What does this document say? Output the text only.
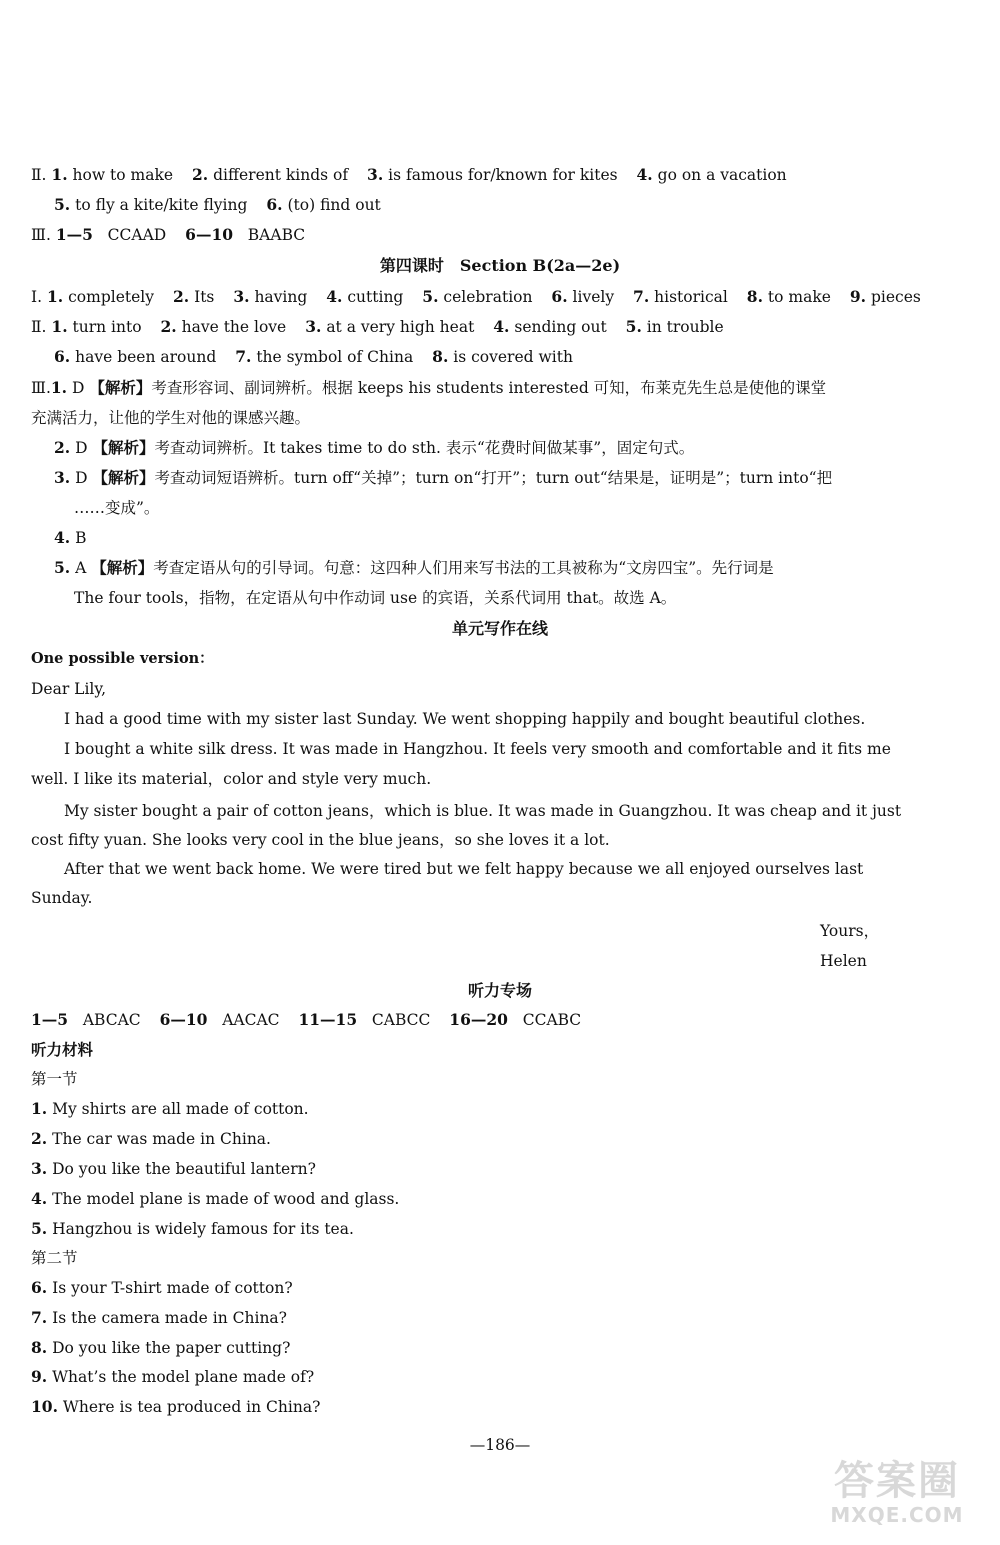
Ⅱ. 1. how to make 2. different kinds of 3. is famous for/known for kites 4. go on a vacation
5. to fly a kite/kite flying 6. (to) find out
Ⅲ. 1—5 CCAAD 6—10 BAABC
第四课时　Section B(2a—2e)
Ⅰ. 1. completely 2. Its 3. having 4. cutting 5. celebration 6. lively 7. historical 8. to make 9. pieces
Ⅱ. 1. turn into 2. have the love 3. at a very high heat 4. sending out 5. in trouble
6. have been around 7. the symbol of China 8. is covered with
Ⅲ.1. D 【解析】考查形容词、副词辨析。根据 keeps his students interested 可知，布莱克先生总是使他的课堂
充满活力，让他的学生对他的课感兴趣。
2. D 【解析】考查动词辨析。It takes time to do sth. 表示“花费时间做某事”，固定句式。
3. D 【解析】考查动词短语辨析。turn off“关掉”；turn on“打开”；turn out“结果是，证明是”；turn into“把
……变成”。
4. B
5. A 【解析】考查定语从句的引导词。句意：这四种人们用来写书法的工具被称为“文房四宝”。先行词是
The four tools，指物，在定语从句中作动词 use 的宾语，关系代词用 that。故选 A。
单元写作在线
One possible version：
Dear Lily,
I had a good time with my sister last Sunday. We went shopping happily and bought beautiful clothes.
I bought a white silk dress. It was made in Hangzhou. It feels very smooth and comfortable and it fits me
well. I like its material，color and style very much.
My sister bought a pair of cotton jeans，which is blue. It was made in Guangzhou. It was cheap and it just
cost fifty yuan. She looks very cool in the blue jeans，so she loves it a lot.
After that we went back home. We were tired but we felt happy because we all enjoyed ourselves last
Sunday.
Yours，
Helen
听力专场
1—5 ABCAC 6—10 AACAC 11—15 CABCC 16—20 CCABC
听力材料
第一节
1. My shirts are all made of cotton.
2. The car was made in China.
3. Do you like the beautiful lantern?
4. The model plane is made of wood and glass.
5. Hangzhou is widely famous for its tea.
第二节
6. Is your T-shirt made of cotton?
7. Is the camera made in China?
8. Do you like the paper cutting?
9. What’s the model plane made of?
10. Where is tea produced in China?
—186—
答案圈
MXQE.COM
